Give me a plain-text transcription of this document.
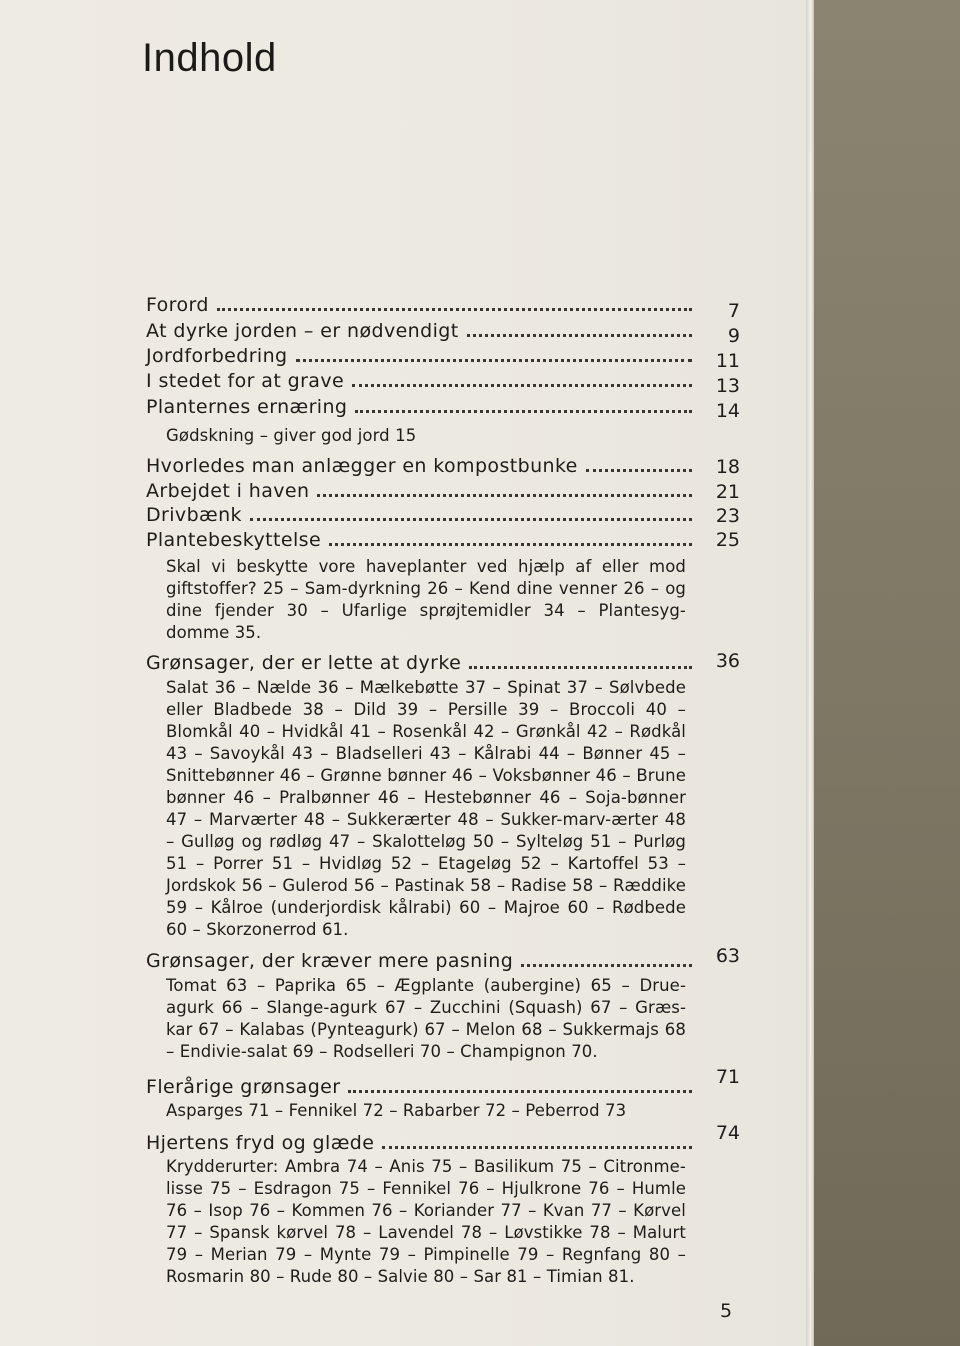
Indhold
Forord	7
At dyrke jorden – er nødvendigt	9
Jordforbedring	11
I stedet for at grave	13
Planternes ernæring	14
Gødskning – giver god jord 15
Hvorledes man anlægger en kompostbunke	18
Arbejdet i haven	21
Drivbænk	23
Plantebeskyttelse	25
Skal vi beskytte vore haveplanter ved hjælp af eller mod giftstoffer? 25 – Sam-dyrkning 26 – Kend dine venner 26 – og dine fjender 30 – Ufarlige sprøjtemidler 34 – Plantesyg-domme 35.
Grønsager, der er lette at dyrke	36
Salat 36 – Nælde 36 – Mælkebøtte 37 – Spinat 37 – Sølvbede eller Bladbede 38 – Dild 39 – Persille 39 – Broccoli 40 – Blomkål 40 – Hvidkål 41 – Rosenkål 42 – Grønkål 42 – Rødkål 43 – Savoykål 43 – Bladselleri 43 – Kålrabi 44 – Bønner 45 – Snittebønner 46 – Grønne bønner 46 – Voksbønner 46 – Brune bønner 46 – Pralbønner 46 – Hestebønner 46 – Soja-bønner 47 – Marværter 48 – Sukkerærter 48 – Sukker-marv-ærter 48 – Gulløg og rødløg 47 – Skalotteløg 50 – Sylteløg 51 – Purløg 51 – Porrer 51 – Hvidløg 52 – Etageløg 52 – Kartoffel 53 – Jordskok 56 – Gulerod 56 – Pastinak 58 – Radise 58 – Ræddike 59 – Kålroe (underjordisk kålrabi) 60 – Majroe 60 – Rødbede 60 – Skorzonerrod 61.
Grønsager, der kræver mere pasning	63
Tomat 63 – Paprika 65 – Ægplante (aubergine) 65 – Drue-agurk 66 – Slange-agurk 67 – Zucchini (Squash) 67 – Græs-kar 67 – Kalabas (Pynteagurk) 67 – Melon 68 – Sukkermajs 68 – Endivie-salat 69 – Rodselleri 70 – Champignon 70.
Flerårige grønsager	71
Asparges 71 – Fennikel 72 – Rabarber 72 – Peberrod 73
Hjertens fryd og glæde	74
Krydderurter: Ambra 74 – Anis 75 – Basilikum 75 – Citronme-lisse 75 – Esdragon 75 – Fennikel 76 – Hjulkrone 76 – Humle 76 – Isop 76 – Kommen 76 – Koriander 77 – Kvan 77 – Kørvel 77 – Spansk kørvel 78 – Lavendel 78 – Løvstikke 78 – Malurt 79 – Merian 79 – Mynte 79 – Pimpinelle 79 – Regnfang 80 – Rosmarin 80 – Rude 80 – Salvie 80 – Sar 81 – Timian 81.
5
